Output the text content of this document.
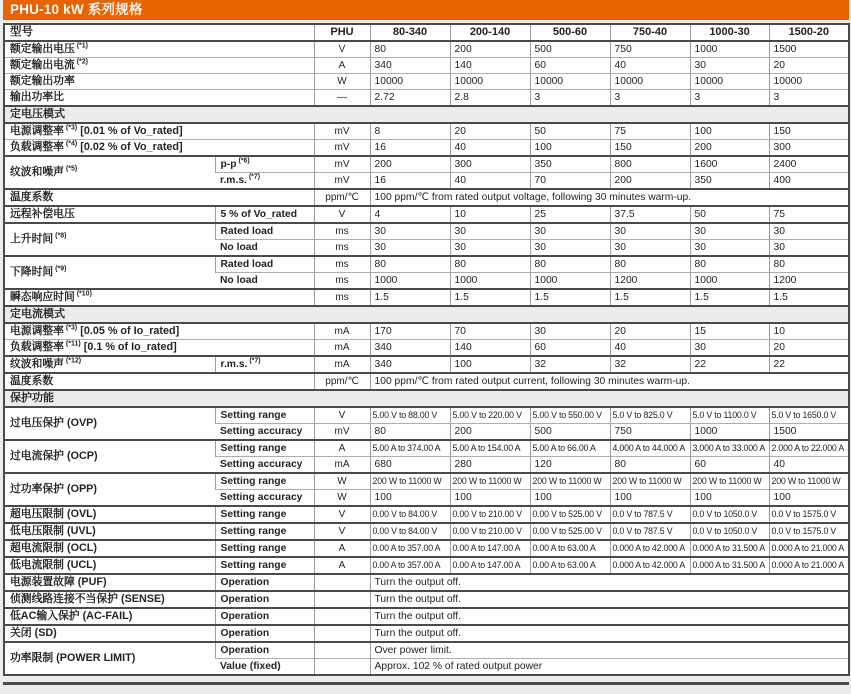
PHU-10 kW 系列规格
型号		PHU	80-340	200-140	500-60	750-40	1000-30	1500-20
额定输出电压 $^{(*1)}$		V	80	200	500	750	1000	1500
额定输出电流 $^{(*2)}$		A	340	140	60	40	30	20
额定输出功率		W	10000	10000	10000	10000	10000	10000
输出功率比		—	2.72	2.8	3	3	3	3
定电压模式								
电源调整率 $^{(*3)}$ [0.01 % of Vo_rated]		mV	8	20	50	75	100	150
负载调整率 $^{(*4)}$ [0.02 % of Vo_rated]		mV	16	40	100	150	200	300
纹波和噪声 $^{(*5)}$	p-p $^{(*6)}$	mV	200	300	350	800	1600	2400
	r.m.s. $^{(*7)}$	mV	16	40	70	200	350	400
温度系数		ppm/℃	100 ppm/℃ from rated output voltage, following 30 minutes warm-up.					
远程补偿电压	5 % of Vo_rated	V	4	10	25	37.5	50	75
上升时间 $^{(*8)}$	Rated load	ms	30	30	30	30	30	30
	No load	ms	30	30	30	30	30	30
下降时间 $^{(*9)}$	Rated load	ms	80	80	80	80	80	80
	No load	ms	1000	1000	1000	1200	1000	1200
瞬态响应时间 $^{(*10)}$		ms	1.5	1.5	1.5	1.5	1.5	1.5
定电流模式								
电源调整率 $^{(*3)}$ [0.05 % of Io_rated]		mA	170	70	30	20	15	10
负载调整率 $^{(*11)}$ [0.1 % of Io_rated]		mA	340	140	60	40	30	20
纹波和噪声 $^{(*12)}$	r.m.s. $^{(*7)}$	mA	340	100	32	32	22	22
温度系数		ppm/℃	100 ppm/℃ from rated output current, following 30 minutes warm-up.					
保护功能								
过电压保护 (OVP)	Setting range	V	5.00 V to 88.00 V	5.00 V to 220.00 V	5.00 V to 550.00 V	5.0 V to 825.0 V	5.0 V to 1100.0 V	5.0 V to 1650.0 V
	Setting accuracy	mV	80	200	500	750	1000	1500
过电流保护 (OCP)	Setting range	A	5.00 A to 374.00 A	5.00 A to 154.00 A	5.00 A to 66.00 A	4.000 A to 44.000 A	3.000 A to 33.000 A	2.000 A to 22.000 A
	Setting accuracy	mA	680	280	120	80	60	40
过功率保护 (OPP)	Setting range	W	200 W to 11000 W	200 W to 11000 W	200 W to 11000 W	200 W to 11000 W	200 W to 11000 W	200 W to 11000 W
	Setting accuracy	W	100	100	100	100	100	100
超电压限制 (OVL)	Setting range	V	0.00 V to 84.00 V	0.00 V to 210.00 V	0.00 V to 525.00 V	0.0 V to 787.5 V	0.0 V to 1050.0 V	0.0 V to 1575.0 V
低电压限制 (UVL)	Setting range	V	0.00 V to 84.00 V	0.00 V to 210.00 V	0.00 V to 525.00 V	0.0 V to 787.5 V	0.0 V to 1050.0 V	0.0 V to 1575.0 V
超电流限制 (OCL)	Setting range	A	0.00 A to 357.00 A	0.00 A to 147.00 A	0.00 A to 63.00 A	0.000 A to 42.000 A	0.000 A to 31.500 A	0.000 A to 21.000 A
低电流限制 (UCL)	Setting range	A	0.00 A to 357.00 A	0.00 A to 147.00 A	0.00 A to 63.00 A	0.000 A to 42.000 A	0.000 A to 31.500 A	0.000 A to 21.000 A
电源装置故障 (PUF)	Operation		Turn the output off.					
侦测线路连接不当保护 (SENSE)	Operation		Turn the output off.					
低AC输入保护 (AC-FAIL)	Operation		Turn the output off.					
关闭 (SD)	Operation		Turn the output off.					
功率限制 (POWER LIMIT)	Operation		Over power limit.					
	Value (fixed)		Approx. 102 % of rated output power					
